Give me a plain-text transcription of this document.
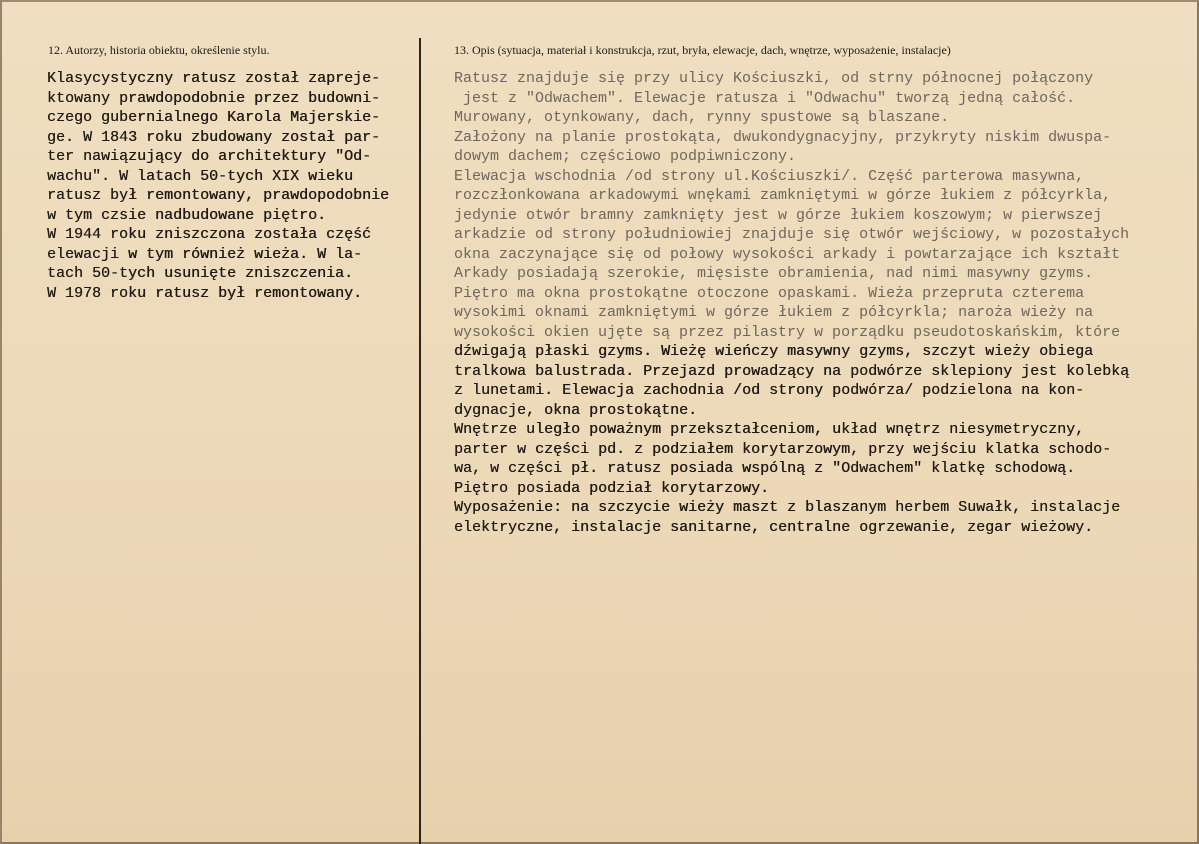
12. Autorzy, historia obiektu, określenie stylu.	13. Opis (sytuacja, materiał i konstrukcja, rzut, bryła, elewacje, dach, wnętrze, wyposażenie, instalacje)
Klasycystyczny ratusz został zapreje-
ktowany prawdopodobnie przez budowni-
czego gubernialnego Karola Majerskie-
ge. W 1843 roku zbudowany został par-
ter nawiązujący do architektury "Od-
wachu". W latach 50-tych XIX wieku
ratusz był remontowany, prawdopodobnie
w tym czsie nadbudowane piętro.
W 1944 roku zniszczona została część
elewacji w tym również wieża. W la-
tach 50-tych usunięte zniszczenia.
W 1978 roku ratusz był remontowany.
Ratusz znajduje się przy ulicy Kościuszki, od strny północnej połączony
jest z "Odwachem". Elewacje ratusza i "Odwachu" tworzą jedną całość.
Murowany, otynkowany, dach, rynny spustowe są blaszane.
Założony na planie prostokąta, dwukondygnacyjny, przykryty niskim dwuspa-
dowym dachem; częściowo podpiwniczony.
Elewacja wschodnia /od strony ul.Kościuszki/. Część parterowa masywna,
rozczłonkowana arkadowymi wnękami zamkniętymi w górze łukiem z półcyrkla,
jedynie otwór bramny zamknięty jest w górze łukiem koszowym; w pierwszej
arkadzie od strony południowiej znajduje się otwór wejściowy, w pozostałych
okna zaczynające się od połowy wysokości arkady i powtarzające ich kształt
Arkady posiadają szerokie, mięsiste obramienia, nad nimi masywny gzyms.
Piętro ma okna prostokątne otoczone opaskami. Wieża przepruta czterema
wysokimi oknami zamkniętymi w górze łukiem z półcyrkla; naroża wieży na
wysokości okien ujęte są przez pilastry w porządku pseudotoskańskim, które
dźwigają płaski gzyms. Wieżę wieńczy masywny gzyms, szczyt wieży obiega
tralkowa balustrada. Przejazd prowadzący na podwórze sklepiony jest kolebką
z lunetami. Elewacja zachodnia /od strony podwórza/ podzielona na kon-
dygnacje, okna prostokątne.
Wnętrze uległo poważnym przekształceniom, układ wnętrz niesymetryczny,
parter w części pd. z podziałem korytarzowym, przy wejściu klatka schodo-
wa, w części pł. ratusz posiada wspólną z "Odwachem" klatkę schodową.
Piętro posiada podział korytarzowy.
Wyposażenie: na szczycie wieży maszt z blaszanym herbem Suwałk, instalacje
elektryczne, instalacje sanitarne, centralne ogrzewanie, zegar wieżowy.
